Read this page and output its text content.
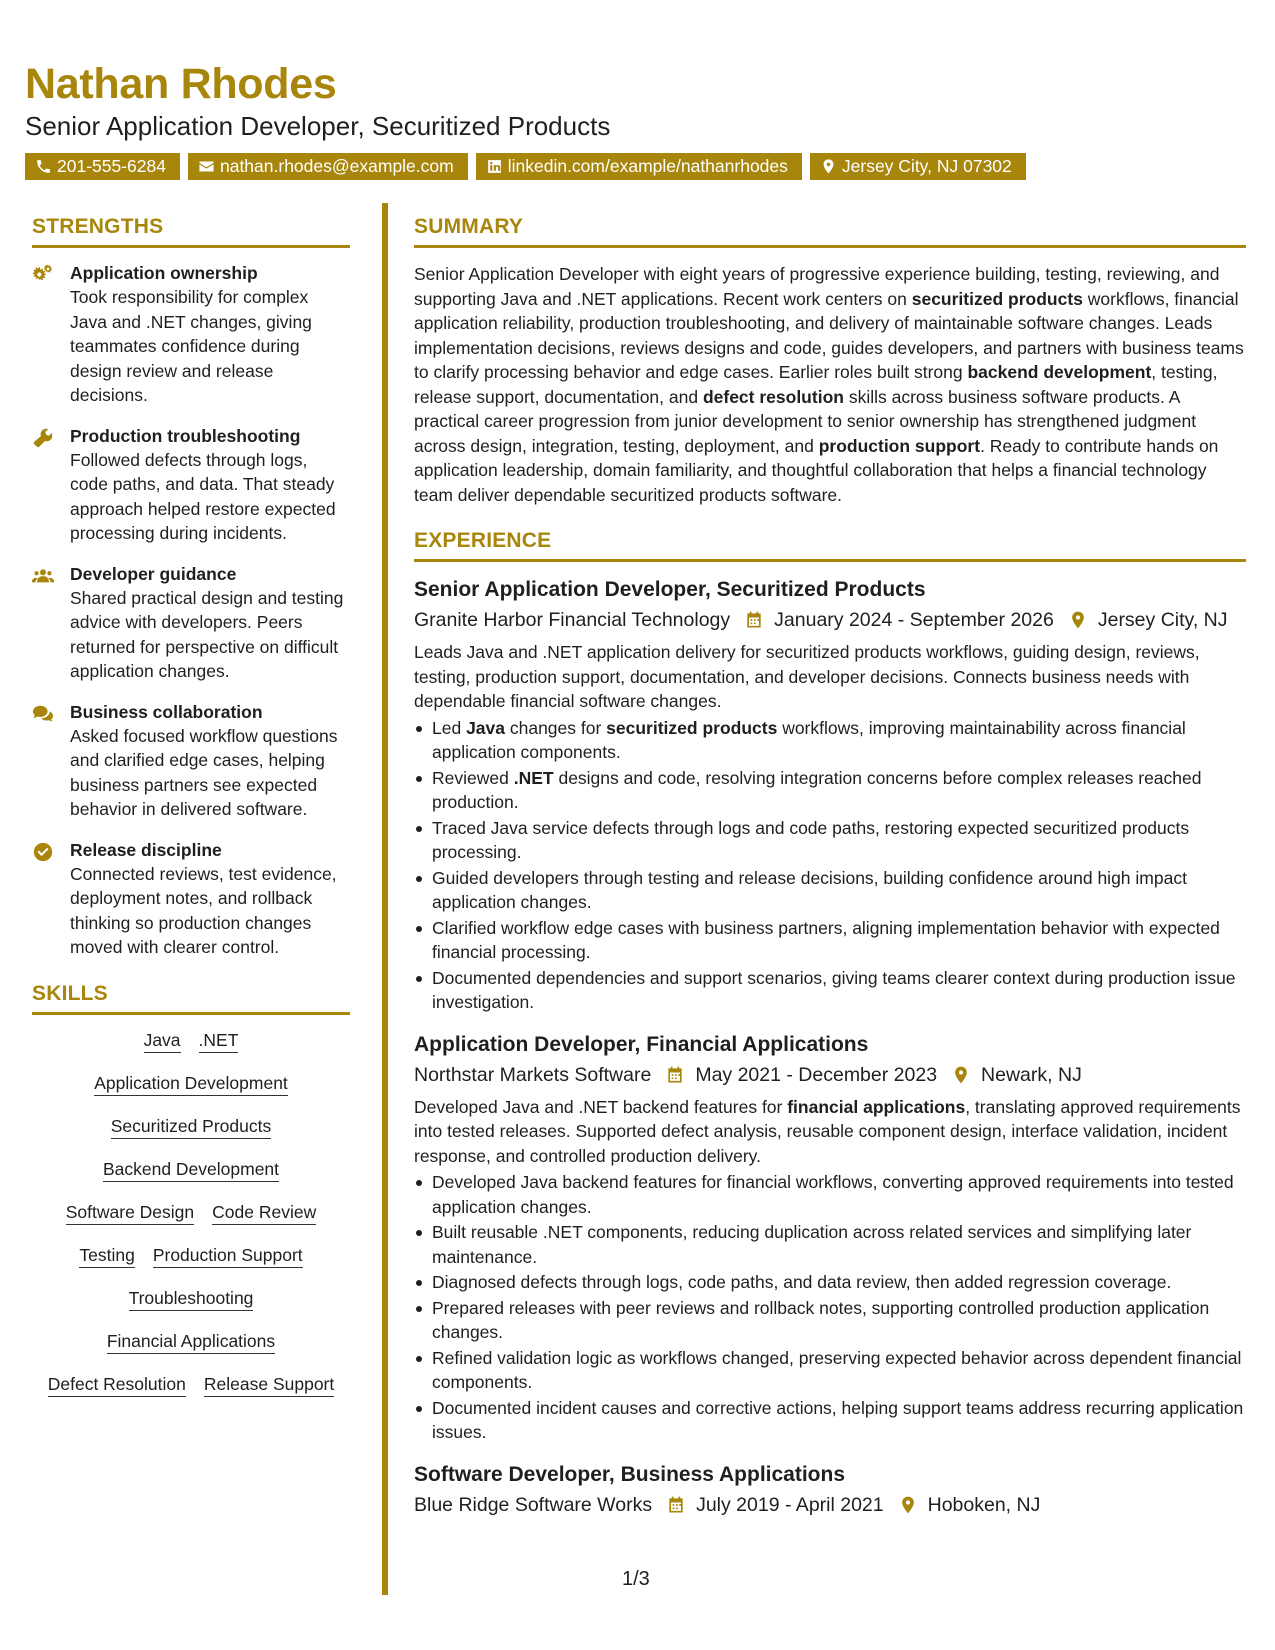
Nathan Rhodes
Senior Application Developer, Securitized Products
201-555-6284	nathan.rhodes@example.com	linkedin.com/example/nathanrhodes	Jersey City, NJ 07302
STRENGTHS
Application ownership
Took responsibility for complex Java and .NET changes, giving teammates confidence during design review and release decisions.
Production troubleshooting
Followed defects through logs, code paths, and data. That steady approach helped restore expected processing during incidents.
Developer guidance
Shared practical design and testing advice with developers. Peers returned for perspective on difficult application changes.
Business collaboration
Asked focused workflow questions and clarified edge cases, helping business partners see expected behavior in delivered software.
Release discipline
Connected reviews, test evidence, deployment notes, and rollback thinking so production changes moved with clearer control.
SKILLS
Java .NET
Application Development
Securitized Products
Backend Development
Software Design Code Review
Testing Production Support
Troubleshooting
Financial Applications
Defect Resolution Release Support
SUMMARY
Senior Application Developer with eight years of progressive experience building, testing, reviewing, and supporting Java and .NET applications. Recent work centers on securitized products workflows, financial application reliability, production troubleshooting, and delivery of maintainable software changes. Leads implementation decisions, reviews designs and code, guides developers, and partners with business teams to clarify processing behavior and edge cases. Earlier roles built strong backend development, testing, release support, documentation, and defect resolution skills across business software products. A practical career progression from junior development to senior ownership has strengthened judgment across design, integration, testing, deployment, and production support. Ready to contribute hands on application leadership, domain familiarity, and thoughtful collaboration that helps a financial technology team deliver dependable securitized products software.
EXPERIENCE
Senior Application Developer, Securitized Products
Granite Harbor Financial Technology January 2024 - September 2026 Jersey City, NJ
Leads Java and .NET application delivery for securitized products workflows, guiding design, reviews, testing, production support, documentation, and developer decisions. Connects business needs with dependable financial software changes.
Led Java changes for securitized products workflows, improving maintainability across financial application components.
Reviewed .NET designs and code, resolving integration concerns before complex releases reached production.
Traced Java service defects through logs and code paths, restoring expected securitized products processing.
Guided developers through testing and release decisions, building confidence around high impact application changes.
Clarified workflow edge cases with business partners, aligning implementation behavior with expected financial processing.
Documented dependencies and support scenarios, giving teams clearer context during production issue investigation.
Application Developer, Financial Applications
Northstar Markets Software May 2021 - December 2023 Newark, NJ
Developed Java and .NET backend features for financial applications, translating approved requirements into tested releases. Supported defect analysis, reusable component design, interface validation, incident response, and controlled production delivery.
Developed Java backend features for financial workflows, converting approved requirements into tested application changes.
Built reusable .NET components, reducing duplication across related services and simplifying later maintenance.
Diagnosed defects through logs, code paths, and data review, then added regression coverage.
Prepared releases with peer reviews and rollback notes, supporting controlled production application changes.
Refined validation logic as workflows changed, preserving expected behavior across dependent financial components.
Documented incident causes and corrective actions, helping support teams address recurring application issues.
Software Developer, Business Applications
Blue Ridge Software Works July 2019 - April 2021 Hoboken, NJ
1/3
